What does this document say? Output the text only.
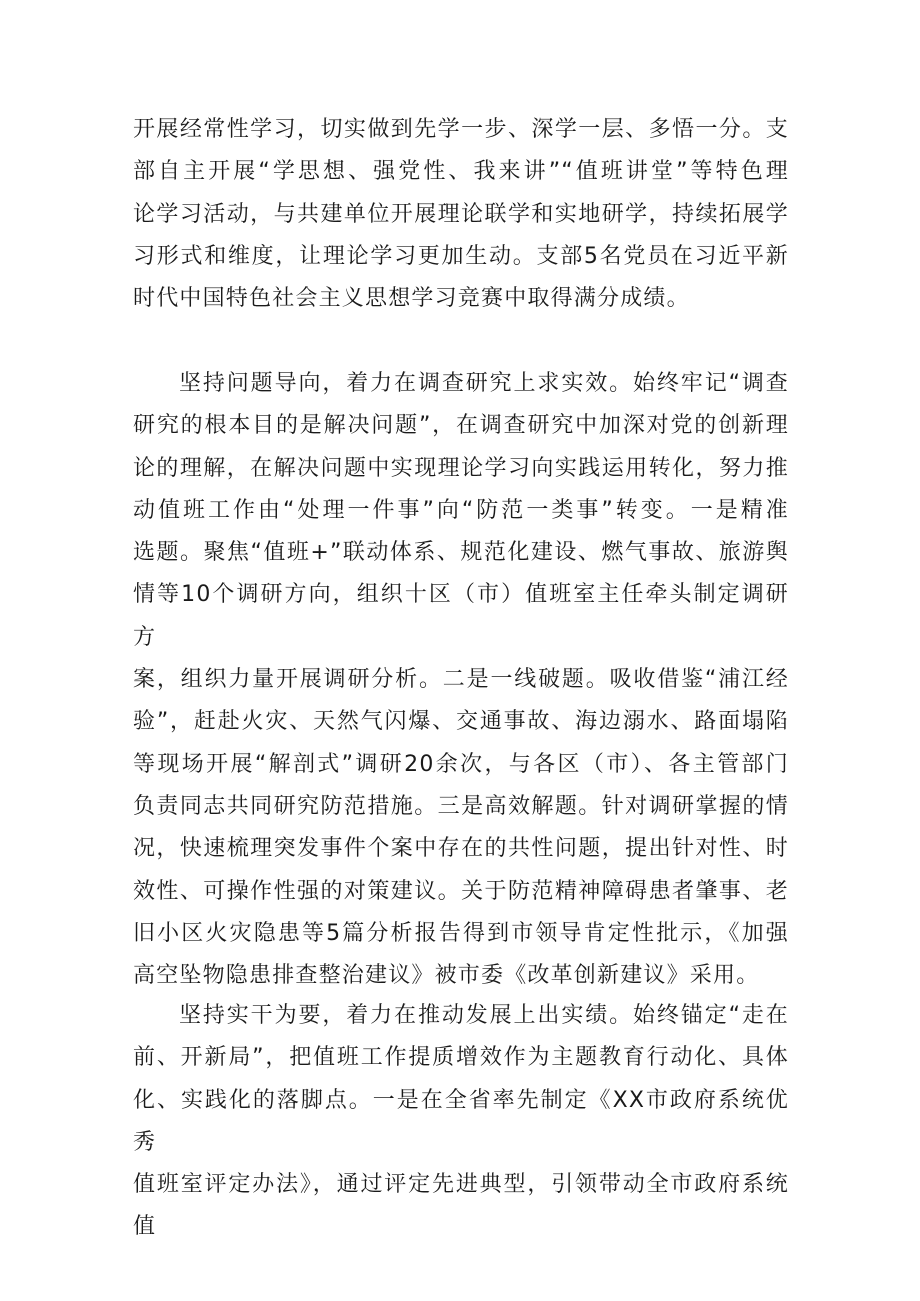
开展经常性学习，切实做到先学一步、深学一层、多悟一分。支

部自主开展“学思想、强党性、我来讲”“值班讲堂”等特色理

论学习活动，与共建单位开展理论联学和实地研学，持续拓展学

习形式和维度，让理论学习更加生动。支部5名党员在习近平新

时代中国特色社会主义思想学习竞赛中取得满分成绩。

坚持问题导向，着力在调查研究上求实效。始终牢记“调查

研究的根本目的是解决问题”，在调查研究中加深对党的创新理

论的理解，在解决问题中实现理论学习向实践运用转化，努力推

动值班工作由“处理一件事”向“防范一类事”转变。一是精准

选题。聚焦“值班+”联动体系、规范化建设、燃气事故、旅游舆

情等10个调研方向，组织十区（市）值班室主任牵头制定调研方

案，组织力量开展调研分析。二是一线破题。吸收借鉴“浦江经

验”，赶赴火灾、天然气闪爆、交通事故、海边溺水、路面塌陷

等现场开展“解剖式”调研20余次，与各区（市）、各主管部门

负责同志共同研究防范措施。三是高效解题。针对调研掌握的情

况，快速梳理突发事件个案中存在的共性问题，提出针对性、时

效性、可操作性强的对策建议。关于防范精神障碍患者肇事、老

旧小区火灾隐患等5篇分析报告得到市领导肯定性批示，《加强

高空坠物隐患排查整治建议》被市委《改革创新建议》采用。

坚持实干为要，着力在推动发展上出实绩。始终锚定“走在

前、开新局”，把值班工作提质增效作为主题教育行动化、具体

化、实践化的落脚点。一是在全省率先制定《XX市政府系统优秀

值班室评定办法》，通过评定先进典型，引领带动全市政府系统值
